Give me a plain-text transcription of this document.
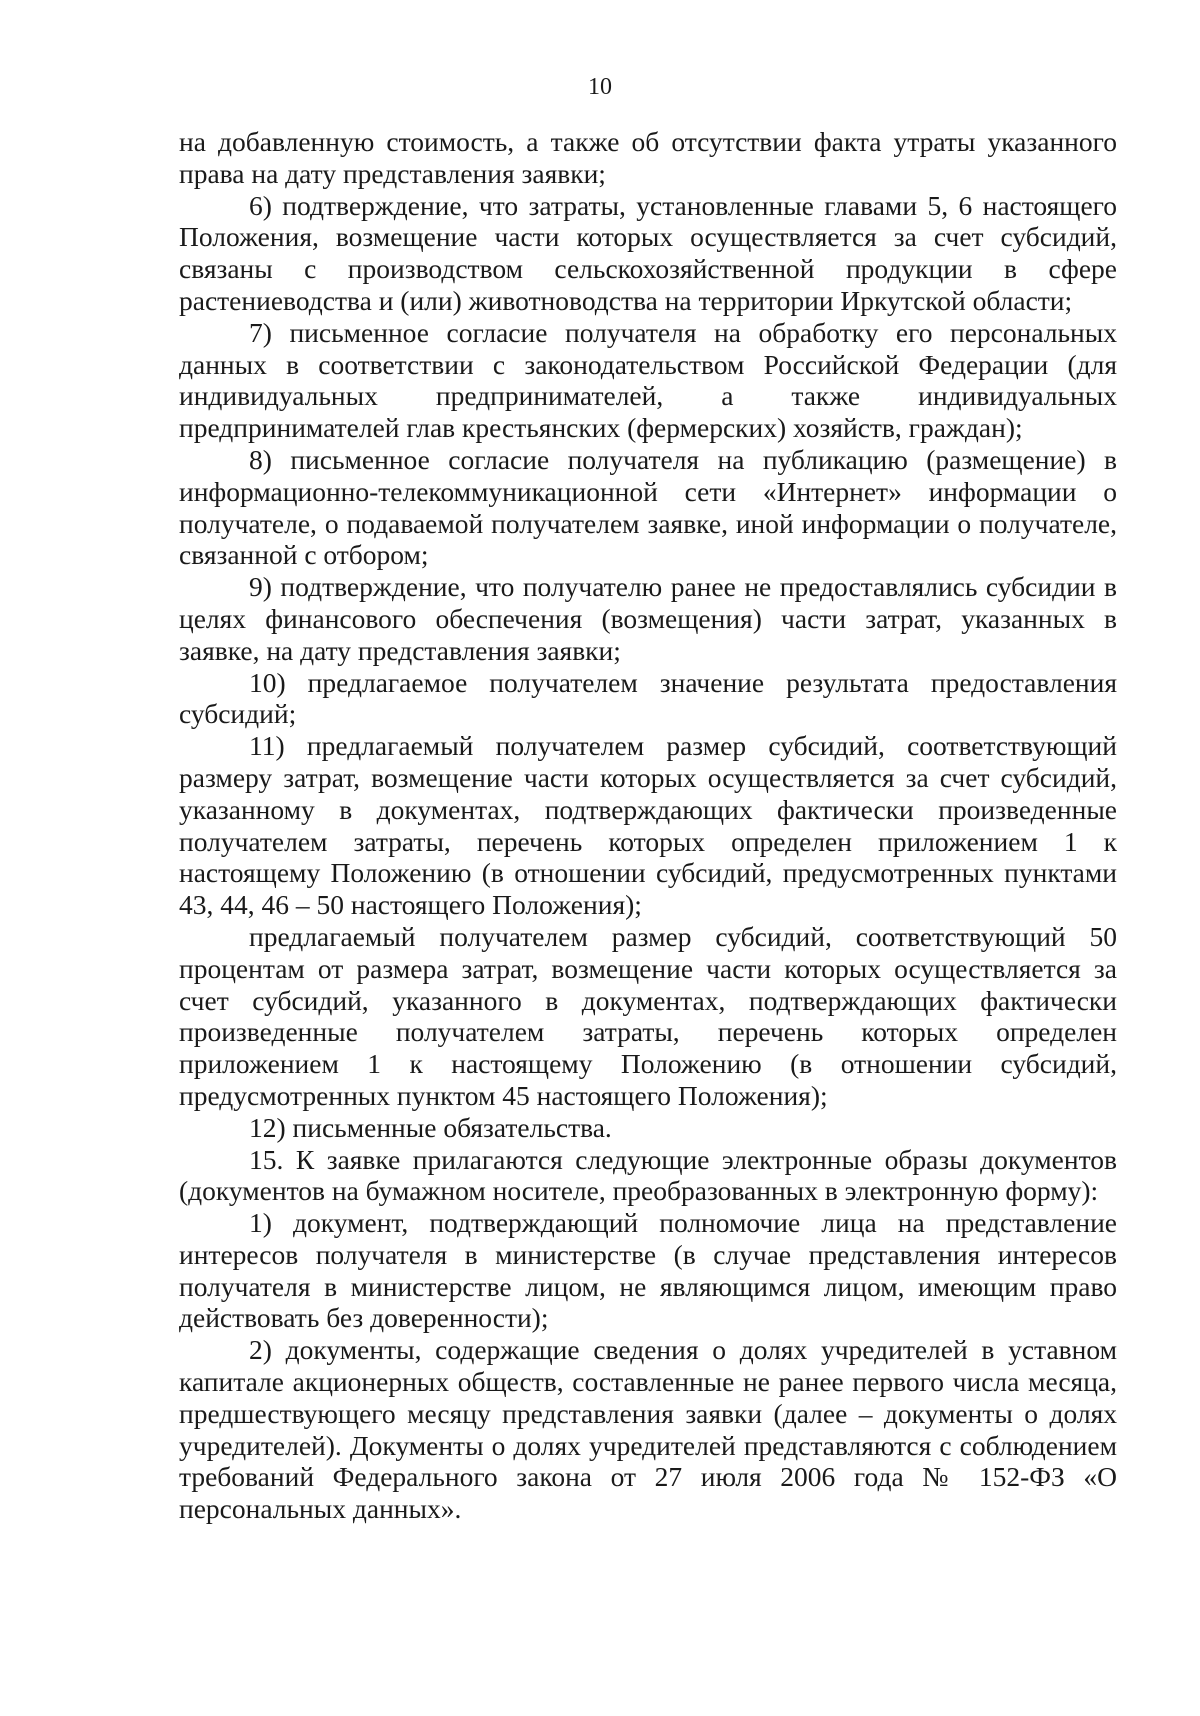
10

на добавленную стоимость, а также об отсутствии факта утраты указанного права на дату представления заявки;

6) подтверждение, что затраты, установленные главами 5, 6 настоящего Положения, возмещение части которых осуществляется за счет субсидий, связаны с производством сельскохозяйственной продукции в сфере растениеводства и (или) животноводства на территории Иркутской области;

7) письменное согласие получателя на обработку его персональных данных в соответствии с законодательством Российской Федерации (для индивидуальных предпринимателей, а также индивидуальных предпринимателей глав крестьянских (фермерских) хозяйств, граждан);

8) письменное согласие получателя на публикацию (размещение) в информационно-телекоммуникационной сети «Интернет» информации о получателе, о подаваемой получателем заявке, иной информации о получателе, связанной с отбором;

9) подтверждение, что получателю ранее не предоставлялись субсидии в целях финансового обеспечения (возмещения) части затрат, указанных в заявке, на дату представления заявки;

10) предлагаемое получателем значение результата предоставления субсидий;

11) предлагаемый получателем размер субсидий, соответствующий размеру затрат, возмещение части которых осуществляется за счет субсидий, указанному в документах, подтверждающих фактически произведенные получателем затраты, перечень которых определен приложением 1 к настоящему Положению (в отношении субсидий, предусмотренных пунктами 43, 44, 46 – 50 настоящего Положения);

предлагаемый получателем размер субсидий, соответствующий 50 процентам от размера затрат, возмещение части которых осуществляется за счет субсидий, указанного в документах, подтверждающих фактически произведенные получателем затраты, перечень которых определен приложением 1 к настоящему Положению (в отношении субсидий, предусмотренных пунктом 45 настоящего Положения);

12) письменные обязательства.

15. К заявке прилагаются следующие электронные образы документов (документов на бумажном носителе, преобразованных в электронную форму):

1) документ, подтверждающий полномочие лица на представление интересов получателя в министерстве (в случае представления интересов получателя в министерстве лицом, не являющимся лицом, имеющим право действовать без доверенности);

2) документы, содержащие сведения о долях учредителей в уставном капитале акционерных обществ, составленные не ранее первого числа месяца, предшествующего месяцу представления заявки (далее – документы о долях учредителей). Документы о долях учредителей представляются с соблюдением требований Федерального закона от 27 июля 2006 года № 152-ФЗ «О персональных данных».
